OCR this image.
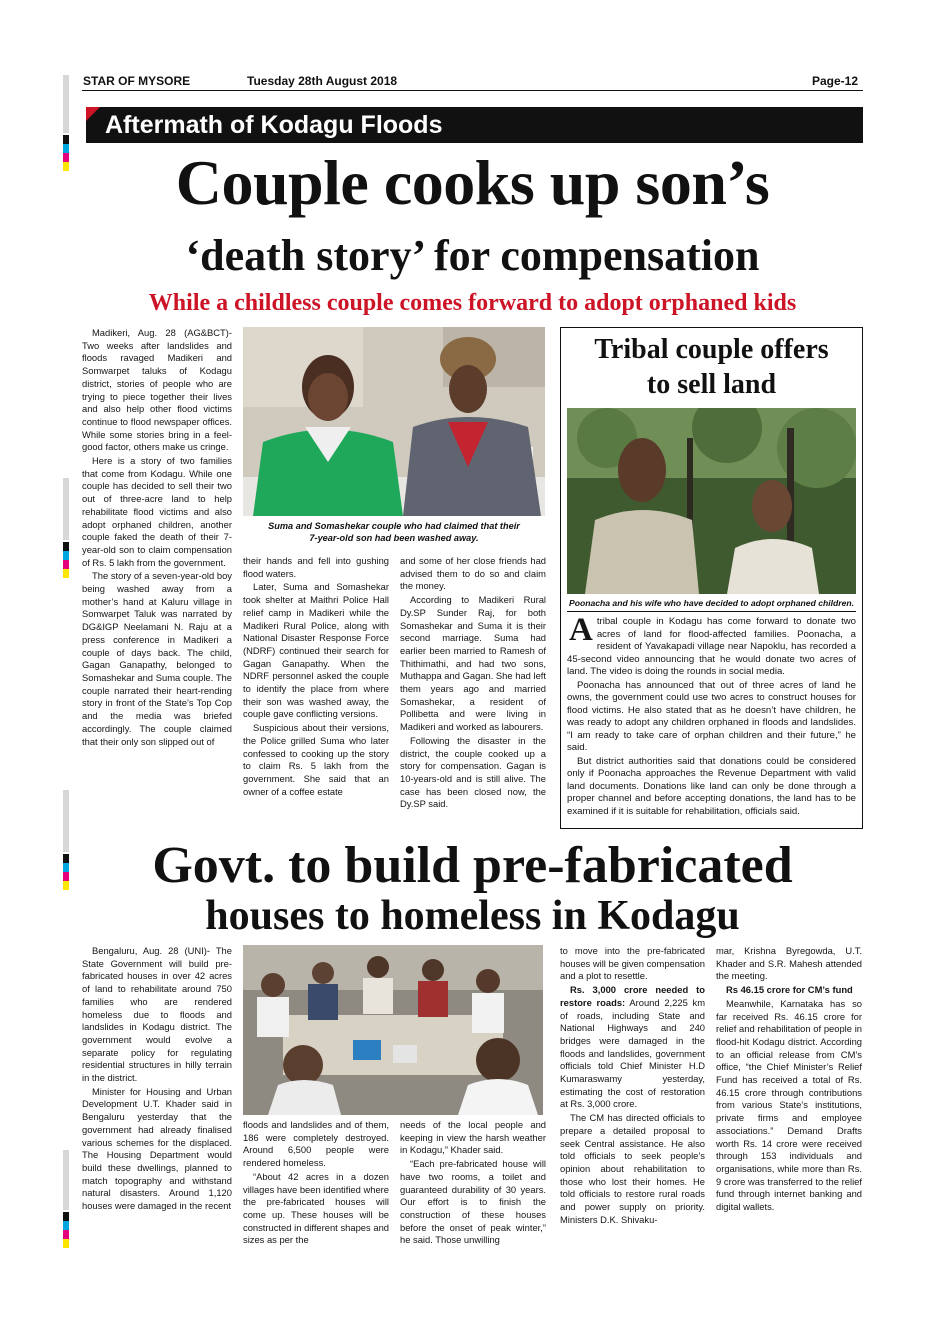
STAR OF MYSORE	Tuesday 28th August 2018	Page-12
Aftermath of Kodagu Floods
Couple cooks up son’s
‘death story’ for compensation
While a childless couple comes forward to adopt orphaned kids
Suma and Somashekar couple who had claimed that their
7-year-old son had been washed away.

Madikeri, Aug. 28 (AG&BCT)- Two weeks after landslides and floods ravaged Madikeri and Somwarpet taluks of Kodagu district, stories of people who are trying to piece together their lives and also help other flood victims continue to flood newspaper offices. While some stories bring in a feel-good factor, others make us cringe.

Here is a story of two families that come from Kodagu. While one couple has decided to sell their two out of three-acre land to help rehabilitate flood victims and also adopt orphaned children, another couple faked the death of their 7-year-old son to claim compensation of Rs. 5 lakh from the government.

The story of a seven-year-old boy being washed away from a mother’s hand at Kaluru village in Somwarpet Taluk was narrated by DG&IGP Neelamani N. Raju at a press conference in Madikeri a couple of days back. The child, Gagan Ganapathy, belonged to Somashekar and Suma couple. The couple narrated their heart-rending story in front of the State’s Top Cop and the media was briefed accordingly. The couple claimed that their only son slipped out of

their hands and fell into gushing flood waters.

Later, Suma and Somashekar took shelter at Maithri Police Hall relief camp in Madikeri while the Madikeri Rural Police, along with National Disaster Response Force (NDRF) continued their search for Gagan Ganapathy. When the NDRF personnel asked the couple to identify the place from where their son was washed away, the couple gave conflicting versions.

Suspicious about their versions, the Police grilled Suma who later confessed to cooking up the story to claim Rs. 5 lakh from the government. She said that an owner of a coffee estate

and some of her close friends had advised them to do so and claim the money.

According to Madikeri Rural Dy.SP Sunder Raj, for both Somashekar and Suma it is their second marriage. Suma had earlier been married to Ramesh of Thithimathi, and had two sons, Muthappa and Gagan. She had left them years ago and married Somashekar, a resident of Pollibetta and were living in Madikeri and worked as labourers.

Following the disaster in the district, the couple cooked up a story for compensation. Gagan is 10-years-old and is still alive. The case has been closed now, the Dy.SP said.

Tribal couple offers
to sell land
Poonacha and his wife who have decided to adopt orphaned children.

Atribal couple in Kodagu has come forward to donate two acres of land for flood-affected families. Poonacha, a resident of Yavakapadi village near Napoklu, has recorded a 45-second video announcing that he would donate two acres of land. The video is doing the rounds in social media.

Poonacha has announced that out of three acres of land he owns, the government could use two acres to construct houses for flood victims. He also stated that as he doesn’t have children, he was ready to adopt any children orphaned in floods and landslides. “I am ready to take care of orphan children and their future,” he said.

But district authorities said that donations could be considered only if Poonacha approaches the Revenue Department with valid land documents. Donations like land can only be done through a proper channel and before accepting donations, the land has to be examined if it is suitable for rehabilitation, officials said.

Govt. to build pre-fabricated
houses to homeless in Kodagu

Bengaluru, Aug. 28 (UNI)- The State Government will build pre-fabricated houses in over 42 acres of land to rehabilitate around 750 families who are rendered homeless due to floods and landslides in Kodagu district. The government would evolve a separate policy for regulating residential structures in hilly terrain in the district.

Minister for Housing and Urban Development U.T. Khader said in Bengaluru yesterday that the government had already finalised various schemes for the displaced. The Housing Department would build these dwellings, planned to match topography and withstand natural disasters. Around 1,120 houses were damaged in the recent

floods and landslides and of them, 186 were completely destroyed. Around 6,500 people were rendered homeless.

“About 42 acres in a dozen villages have been identified where the pre-fabricated houses will come up. These houses will be constructed in different shapes and sizes as per the

needs of the local people and keeping in view the harsh weather in Kodagu,” Khader said.

“Each pre-fabricated house will have two rooms, a toilet and guaranteed durability of 30 years. Our effort is to finish the construction of these houses before the onset of peak winter,” he said. Those unwilling

to move into the pre-fabricated houses will be given compensation and a plot to resettle.

Rs. 3,000 crore needed to restore roads: Around 2,225 km of roads, including State and National Highways and 240 bridges were damaged in the floods and landslides, government officials told Chief Minister H.D Kumaraswamy yesterday, estimating the cost of restoration at Rs. 3,000 crore.

The CM has directed officials to prepare a detailed proposal to seek Central assistance. He also told officials to seek people’s opinion about rehabilitation to those who lost their homes. He told officials to restore rural roads and power supply on priority. Ministers D.K. Shivaku-

mar, Krishna Byregowda, U.T. Khader and S.R. Mahesh attended the meeting.

Rs 46.15 crore for CM’s fund

Meanwhile, Karnataka has so far received Rs. 46.15 crore for relief and rehabilitation of people in flood-hit Kodagu district. According to an official release from CM’s office, “the Chief Minister’s Relief Fund has received a total of Rs. 46.15 crore through contributions from various State’s institutions, private firms and employee associations.” Demand Drafts worth Rs. 14 crore were received through 153 individuals and organisations, while more than Rs. 9 crore was transferred to the relief fund through internet banking and digital wallets.
